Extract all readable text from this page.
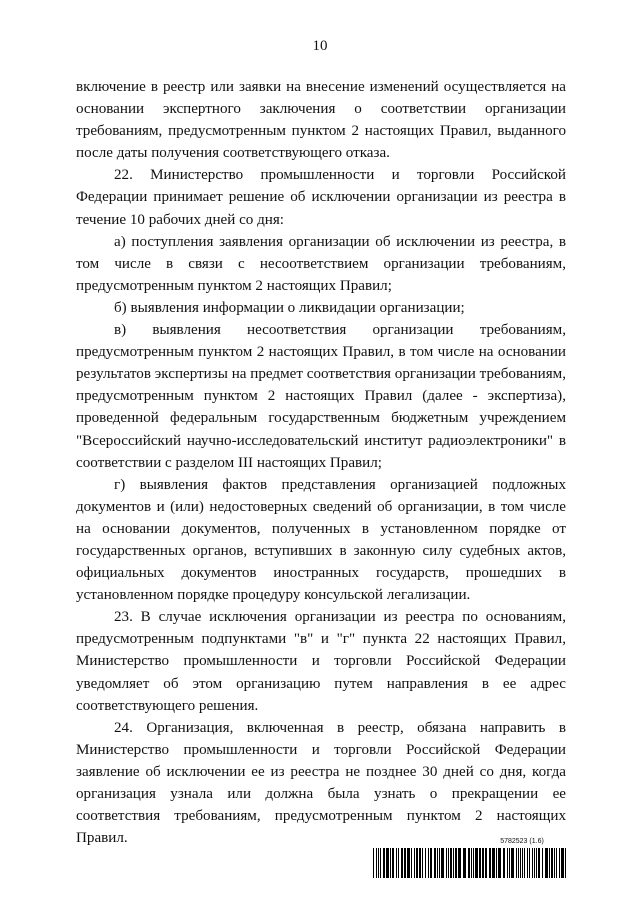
10

включение в реестр или заявки на внесение изменений осуществляется на основании экспертного заключения о соответствии организации требованиям, предусмотренным пунктом 2 настоящих Правил, выданного после даты получения соответствующего отказа.

22. Министерство промышленности и торговли Российской Федерации принимает решение об исключении организации из реестра в течение 10 рабочих дней со дня:

а) поступления заявления организации об исключении из реестра, в том числе в связи с несоответствием организации требованиям, предусмотренным пунктом 2 настоящих Правил;

б) выявления информации о ликвидации организации;

в) выявления несоответствия организации требованиям, предусмотренным пунктом 2 настоящих Правил, в том числе на основании результатов экспертизы на предмет соответствия организации требованиям, предусмотренным пунктом 2 настоящих Правил (далее - экспертиза), проведенной федеральным государственным бюджетным учреждением "Всероссийский научно-исследовательский институт радиоэлектроники" в соответствии с разделом III настоящих Правил;

г) выявления фактов представления организацией подложных документов и (или) недостоверных сведений об организации, в том числе на основании документов, полученных в установленном порядке от государственных органов, вступивших в законную силу судебных актов, официальных документов иностранных государств, прошедших в установленном порядке процедуру консульской легализации.

23. В случае исключения организации из реестра по основаниям, предусмотренным подпунктами "в" и "г" пункта 22 настоящих Правил, Министерство промышленности и торговли Российской Федерации уведомляет об этом организацию путем направления в ее адрес соответствующего решения.

24. Организация, включенная в реестр, обязана направить в Министерство промышленности и торговли Российской Федерации заявление об исключении ее из реестра не позднее 30 дней со дня, когда организация узнала или должна была узнать о прекращении ее соответствия требованиям, предусмотренным пунктом 2 настоящих Правил.	5782523 (1.6)
